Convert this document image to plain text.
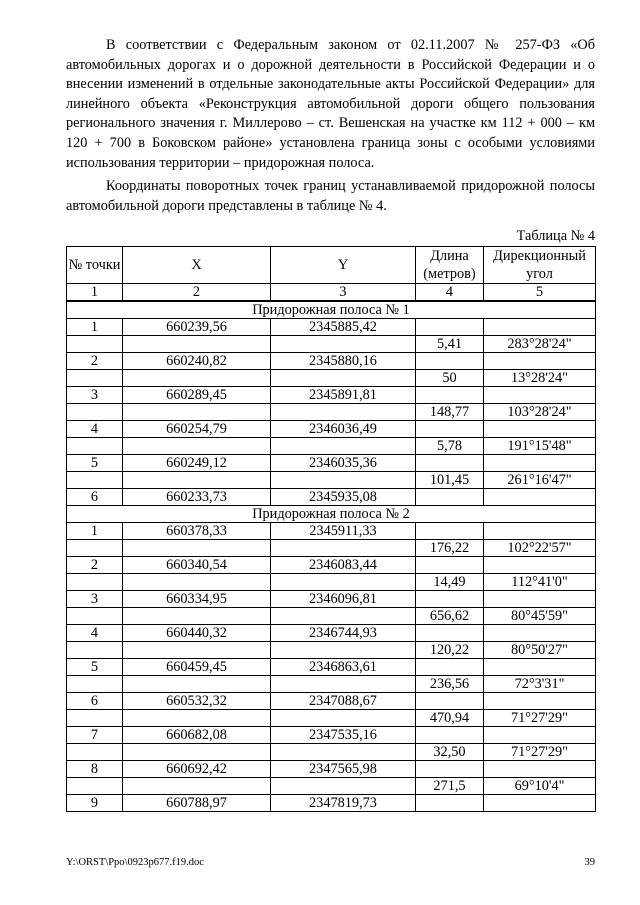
В соответствии с Федеральным законом от 02.11.2007 № 257-ФЗ «Об автомобильных дорогах и о дорожной деятельности в Российской Федерации и о внесении изменений в отдельные законодательные акты Российской Федерации» для линейного объекта «Реконструкция автомобильной дороги общего пользования регионального значения г. Миллерово – ст. Вешенская на участке км 112 + 000 – км 120 + 700 в Боковском районе» установлена граница зоны с особыми условиями использования территории – придорожная полоса.
Координаты поворотных точек границ устанавливаемой придорожной полосы автомобильной дороги представлены в таблице № 4.
Таблица № 4
№ точки	X	Y	Длина (метров)	Дирекционный угол
1	2	3	4	5
Придорожная полоса № 1				
1	660239,56	2345885,42		
			5,41	283°28'24"
2	660240,82	2345880,16		
			50	13°28'24"
3	660289,45	2345891,81		
			148,77	103°28'24"
4	660254,79	2346036,49		
			5,78	191°15'48"
5	660249,12	2346035,36		
			101,45	261°16'47"
6	660233,73	2345935,08		
Придорожная полоса № 2				
1	660378,33	2345911,33		
			176,22	102°22'57"
2	660340,54	2346083,44		
			14,49	112°41'0"
3	660334,95	2346096,81		
			656,62	80°45'59"
4	660440,32	2346744,93		
			120,22	80°50'27"
5	660459,45	2346863,61		
			236,56	72°3'31"
6	660532,32	2347088,67		
			470,94	71°27'29"
7	660682,08	2347535,16		
			32,50	71°27'29"
8	660692,42	2347565,98		
			271,5	69°10'4"
9	660788,97	2347819,73		
Y:\ORST\Ppo\0923p677.f19.doc	39
